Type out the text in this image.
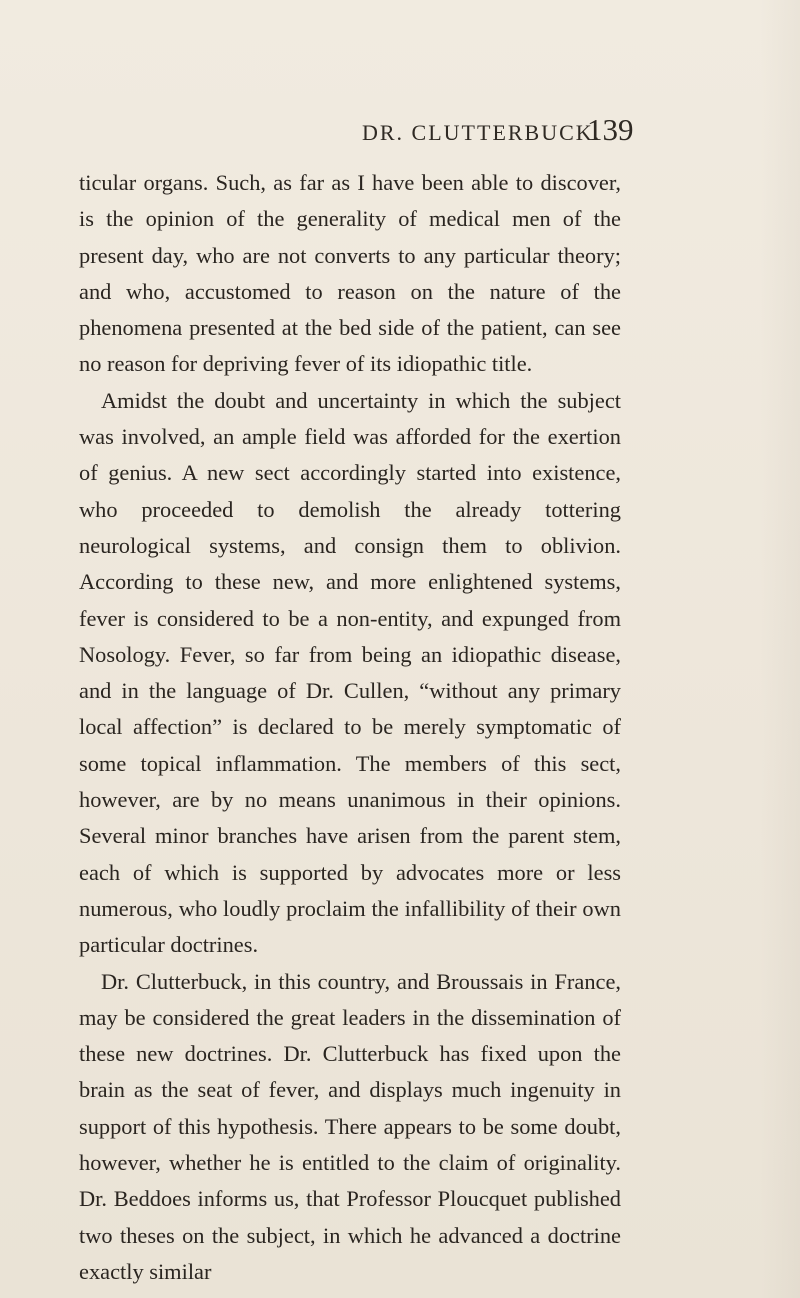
DR. CLUTTERBUCK.
139

ticular organs. Such, as far as I have been able to discover, is the opinion of the generality of medical men of the present day, who are not converts to any particular theory; and who, accustomed to reason on the nature of the phenomena presented at the bed side of the patient, can see no reason for depriving fever of its idiopathic title.

Amidst the doubt and uncertainty in which the subject was involved, an ample field was afforded for the exertion of genius. A new sect accordingly started into existence, who proceeded to demolish the already tottering neurological systems, and consign them to oblivion. According to these new, and more enlightened systems, fever is considered to be a non-entity, and expunged from Nosology. Fever, so far from being an idiopathic disease, and in the language of Dr. Cullen, “without any primary local affection” is declared to be merely symptomatic of some topical inflammation. The members of this sect, however, are by no means unanimous in their opinions. Several minor branches have arisen from the parent stem, each of which is supported by advocates more or less numerous, who loudly proclaim the infallibility of their own particular doctrines.

Dr. Clutterbuck, in this country, and Broussais in France, may be considered the great leaders in the dissemination of these new doctrines. Dr. Clutterbuck has fixed upon the brain as the seat of fever, and displays much ingenuity in support of this hypothesis. There appears to be some doubt, however, whether he is entitled to the claim of originality. Dr. Beddoes informs us, that Professor Ploucquet published two theses on the subject, in which he advanced a doctrine exactly similar
